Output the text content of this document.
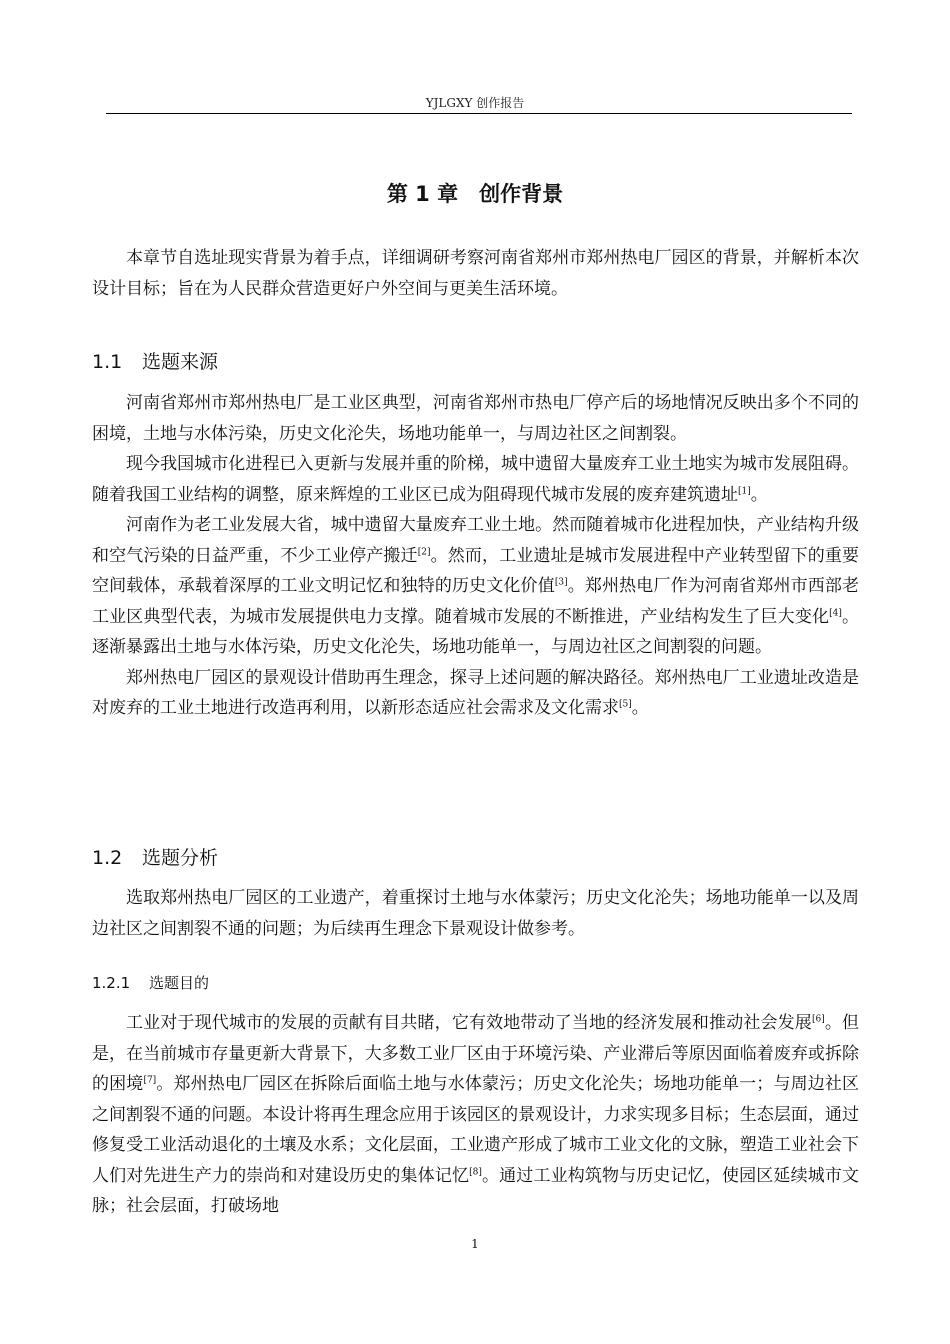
YJLGXY 创作报告
第 1 章　创作背景

本章节自选址现实背景为着手点，详细调研考察河南省郑州市郑州热电厂园区的背景，并解析本次设计目标；旨在为人民群众营造更好户外空间与更美生活环境。

1.1 选题来源

河南省郑州市郑州热电厂是工业区典型，河南省郑州市热电厂停产后的场地情况反映出多个不同的困境，土地与水体污染，历史文化沦失，场地功能单一，与周边社区之间割裂。

现今我国城市化进程已入更新与发展并重的阶梯，城中遗留大量废弃工业土地实为城市发展阻碍。随着我国工业结构的调整，原来辉煌的工业区已成为阻碍现代城市发展的废弃建筑遗址[1]。

河南作为老工业发展大省，城中遗留大量废弃工业土地。然而随着城市化进程加快，产业结构升级和空气污染的日益严重，不少工业停产搬迁[2]。然而，工业遗址是城市发展进程中产业转型留下的重要空间载体，承载着深厚的工业文明记忆和独特的历史文化价值[3]。郑州热电厂作为河南省郑州市西部老工业区典型代表，为城市发展提供电力支撑。随着城市发展的不断推进，产业结构发生了巨大变化[4]。逐渐暴露出土地与水体污染，历史文化沦失，场地功能单一，与周边社区之间割裂的问题。

郑州热电厂园区的景观设计借助再生理念，探寻上述问题的解决路径。郑州热电厂工业遗址改造是对废弃的工业土地进行改造再利用，以新形态适应社会需求及文化需求[5]。

1.2 选题分析

选取郑州热电厂园区的工业遗产，着重探讨土地与水体蒙污；历史文化沦失；场地功能单一以及周边社区之间割裂不通的问题；为后续再生理念下景观设计做参考。

1.2.1 选题目的

工业对于现代城市的发展的贡献有目共睹，它有效地带动了当地的经济发展和推动社会发展[6]。但是，在当前城市存量更新大背景下，大多数工业厂区由于环境污染、产业滞后等原因面临着废弃或拆除的困境[7]。郑州热电厂园区在拆除后面临土地与水体蒙污；历史文化沦失；场地功能单一；与周边社区之间割裂不通的问题。本设计将再生理念应用于该园区的景观设计，力求实现多目标；生态层面，通过修复受工业活动退化的土壤及水系；文化层面，工业遗产形成了城市工业文化的文脉，塑造工业社会下人们对先进生产力的崇尚和对建设历史的集体记忆[8]。通过工业构筑物与历史记忆，使园区延续城市文脉；社会层面，打破场地

1
